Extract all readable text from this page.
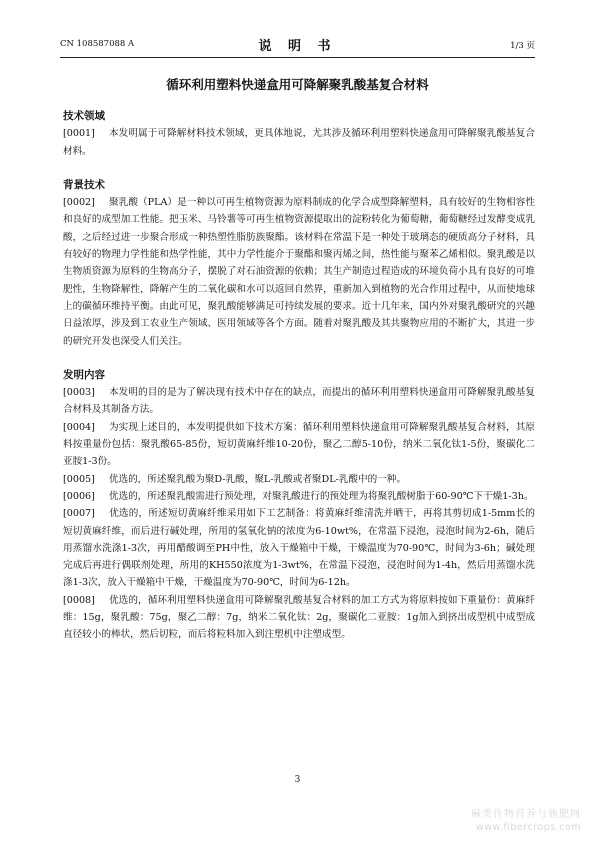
CN 108587088 A	说 明 书	1/3 页
循环利用塑料快递盒用可降解聚乳酸基复合材料
技术领域

[0001] 本发明属于可降解材料技术领域，更具体地说，尤其涉及循环利用塑料快递盒用可降解聚乳酸基复合材料。

背景技术

[0002] 聚乳酸（PLA）是一种以可再生植物资源为原料制成的化学合成型降解塑料，具有较好的生物相容性和良好的成型加工性能。把玉米、马铃薯等可再生植物资源提取出的淀粉转化为葡萄糖，葡萄糖经过发酵变成乳酸，之后经过进一步聚合形成一种热塑性脂肪族聚酯。该材料在常温下是一种处于玻璃态的硬质高分子材料，具有较好的物理力学性能和热学性能，其中力学性能介于聚酯和聚丙烯之间，热性能与聚苯乙烯相似。聚乳酸是以生物质资源为原料的生物高分子，摆脱了对石油资源的依赖；其生产制造过程造成的环境负荷小具有良好的可堆肥性，生物降解性，降解产生的二氧化碳和水可以返回自然界，重新加入到植物的光合作用过程中，从而使地球上的碳循环维持平衡。由此可见，聚乳酸能够满足可持续发展的要求。近十几年来，国内外对聚乳酸研究的兴趣日益浓厚，涉及到工农业生产领域、医用领域等各个方面。随着对聚乳酸及其共聚物应用的不断扩大，其进一步的研究开发也深受人们关注。

发明内容

[0003] 本发明的目的是为了解决现有技术中存在的缺点，而提出的循环利用塑料快递盒用可降解聚乳酸基复合材料及其制备方法。

[0004] 为实现上述目的，本发明提供如下技术方案：循环利用塑料快递盒用可降解聚乳酸基复合材料，其原料按重量份包括：聚乳酸65-85份，短切黄麻纤维10-20份，聚乙二醇5-10份，纳米二氧化钛1-5份，聚碳化二亚胺1-3份。

[0005] 优选的，所述聚乳酸为聚D-乳酸，聚L-乳酸或者聚DL-乳酸中的一种。

[0006] 优选的，所述聚乳酸需进行预处理，对聚乳酸进行的预处理为将聚乳酸树脂于60-90℃下干燥1-3h。

[0007] 优选的，所述短切黄麻纤维采用如下工艺制备：将黄麻纤维清洗并晒干，再将其剪切成1-5mm长的短切黄麻纤维，而后进行碱处理，所用的氢氧化钠的浓度为6-10wt%，在常温下浸泡，浸泡时间为2-6h，随后用蒸馏水洗涤1-3次，再用醋酸调至PH中性，放入干燥箱中干燥，干燥温度为70-90℃，时间为3-6h；碱处理完成后再进行偶联剂处理，所用的KH550浓度为1-3wt%，在常温下浸泡，浸泡时间为1-4h，然后用蒸馏水洗涤1-3次，放入干燥箱中干燥，干燥温度为70-90℃，时间为6-12h。

[0008] 优选的，循环利用塑料快递盒用可降解聚乳酸基复合材料的加工方式为将原料按如下重量份：黄麻纤维：15g，聚乳酸：75g，聚乙二醇：7g，纳米二氧化钛：2g，聚碳化二亚胺：1g加入到挤出成型机中成型成直径较小的棒状，然后切粒，而后将粒料加入到注塑机中注塑成型。

3
麻类作物营养与施肥网
www.fibercrops.com
